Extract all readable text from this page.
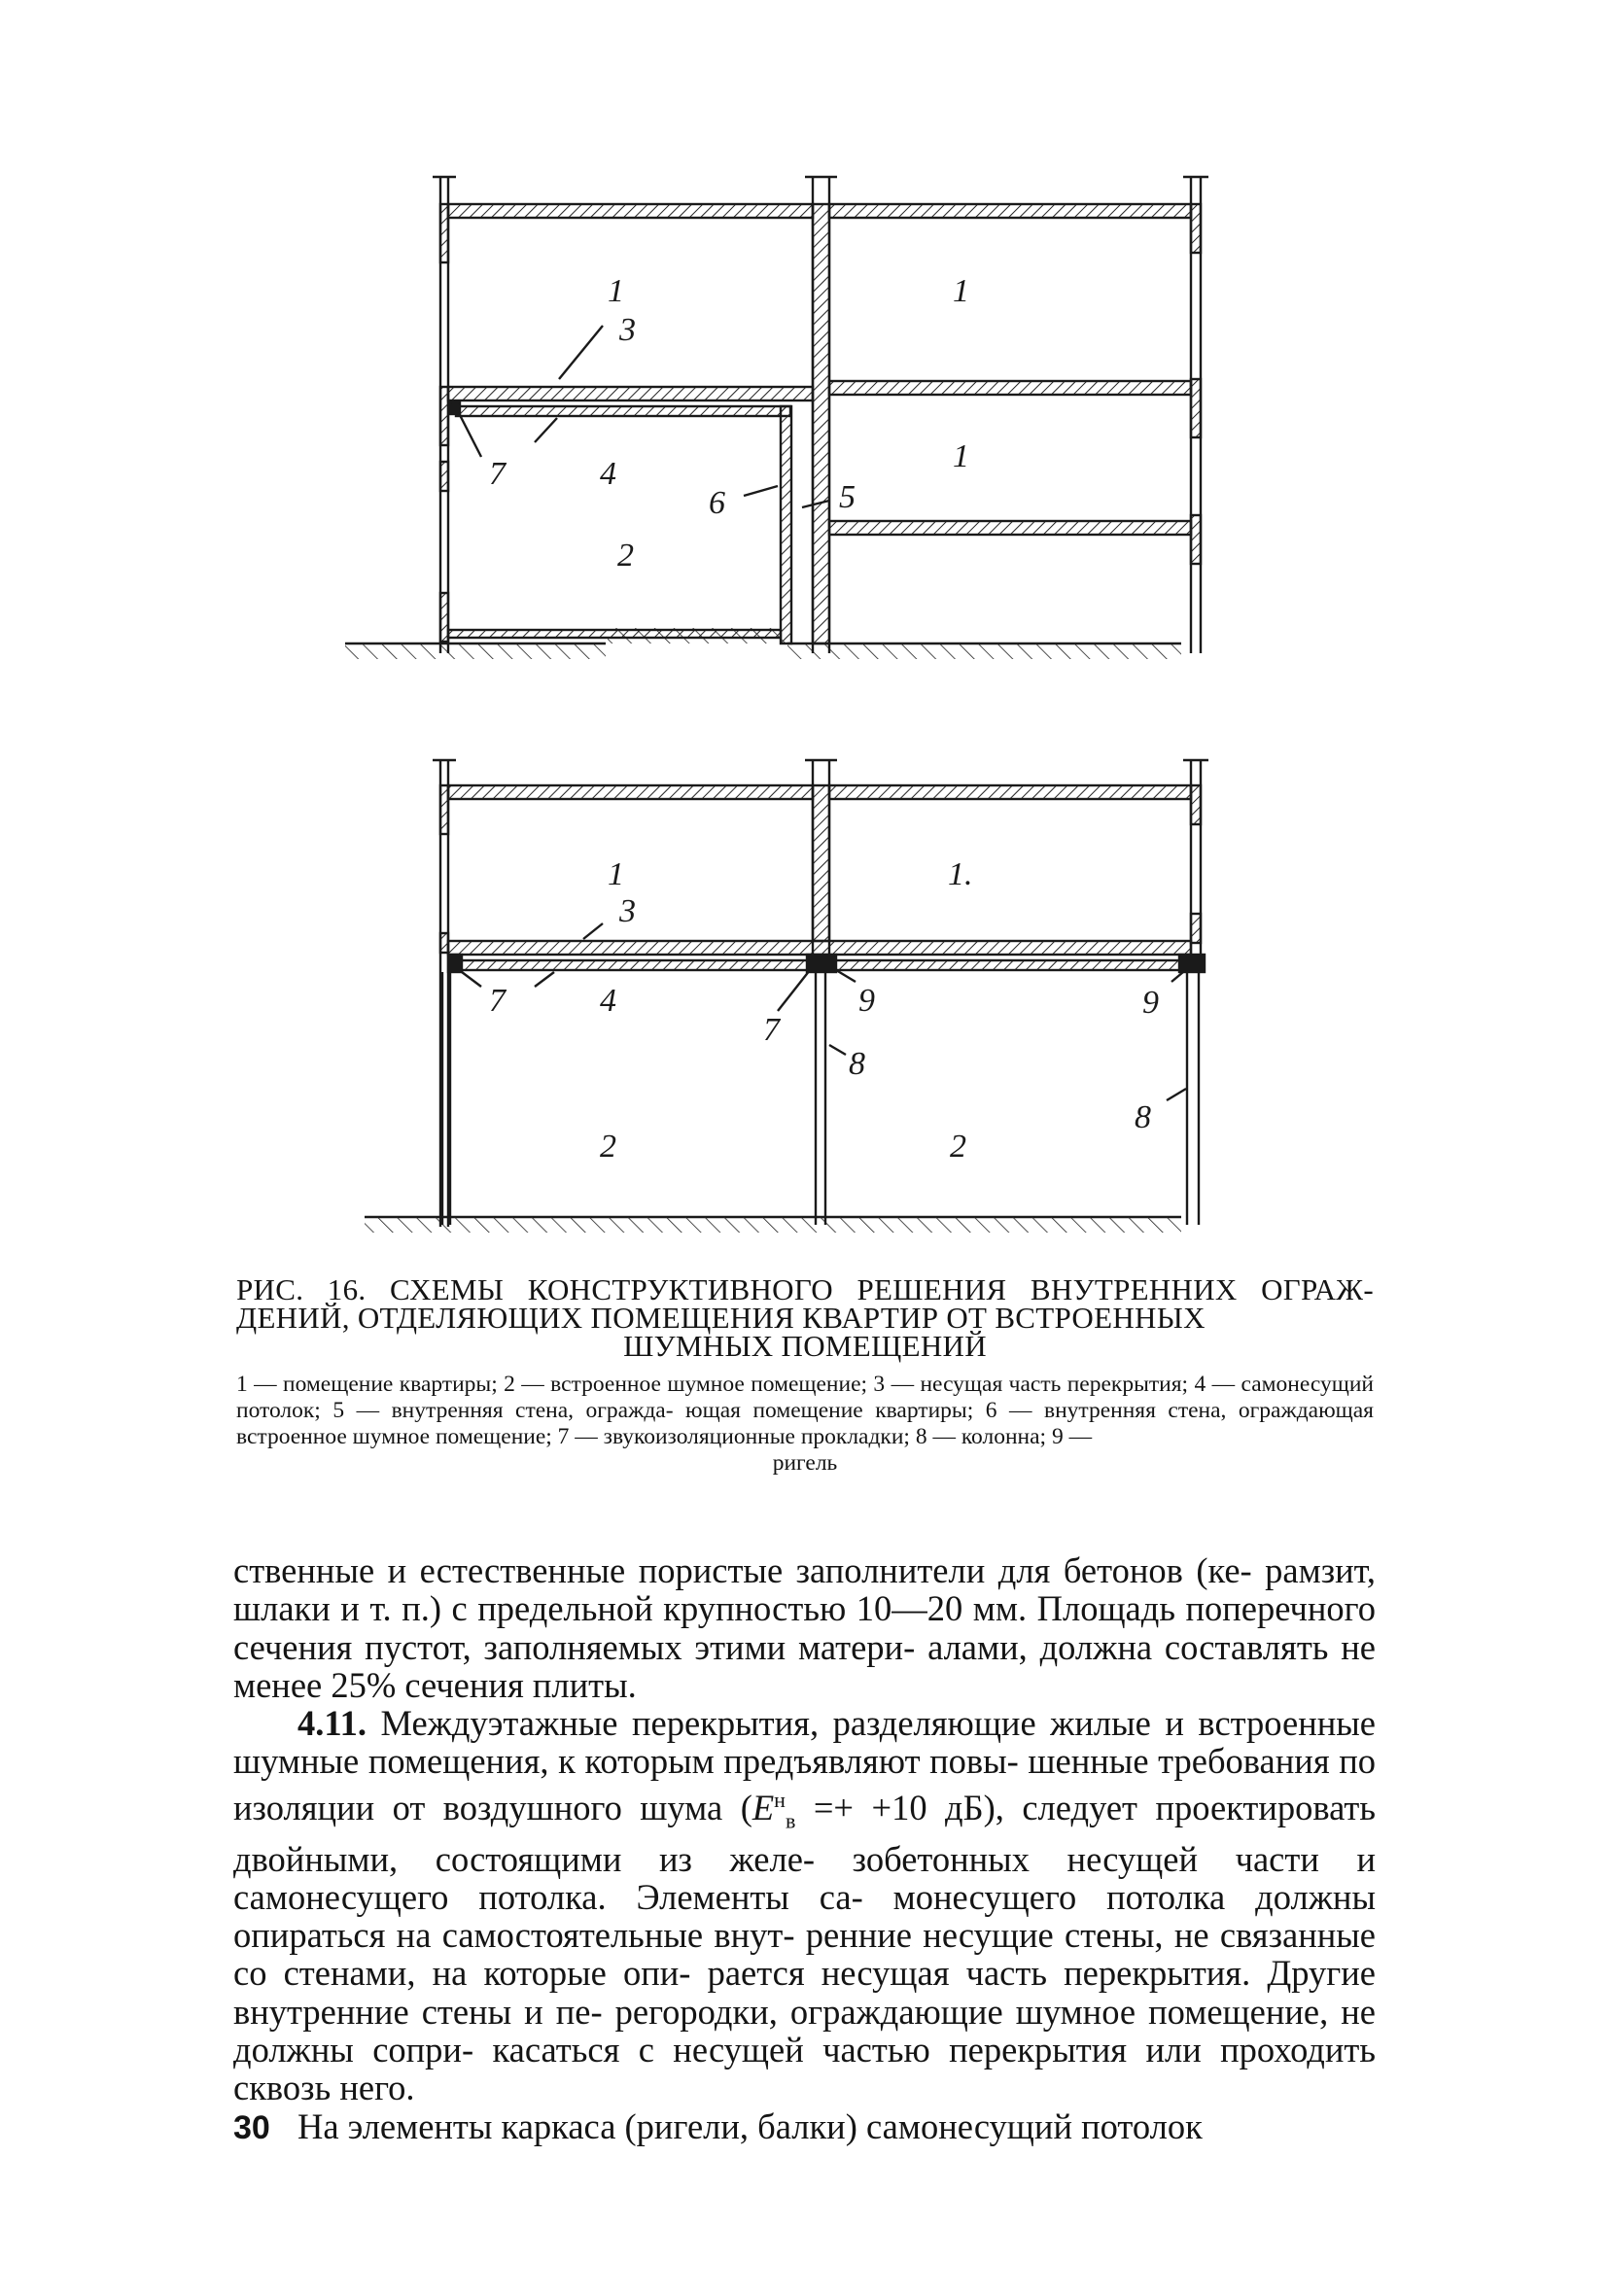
1	1
3
1
7	4
6	5
2
1	1.
3
7	4
7
9	9
8
8
2	2
РИС. 16. СХЕМЫ КОНСТРУКТИВНОГО РЕШЕНИЯ ВНУТРЕННИХ ОГРАЖ- ДЕНИЙ, ОТДЕЛЯЮЩИХ ПОМЕЩЕНИЯ КВАРТИР ОТ ВСТРОЕННЫХ
ШУМНЫХ ПОМЕЩЕНИЙ
1 — помещение квартиры; 2 — встроенное шумное помещение; 3 — несущая часть перекрытия; 4 — самонесущий потолок; 5 — внутренняя стена, огражда- ющая помещение квартиры; 6 — внутренняя стена, ограждающая встроенное шумное помещение; 7 — звукоизоляционные прокладки; 8 — колонна; 9 —
ригель

ственные и естественные пористые заполнители для бетонов (ке- рамзит, шлаки и т. п.) с предельной крупностью 10—20 мм. Площадь поперечного сечения пустот, заполняемых этими матери- алами, должна составлять не менее 25% сечения плиты.

4.11. Междуэтажные перекрытия, разделяющие жилые и встроенные шумные помещения, к которым предъявляют повы- шенные требования по изоляции от воздушного шума ($E^н_в =+ +10$ дБ), следует проектировать двойными, состоящими из желе- зобетонных несущей части и самонесущего потолка. Элементы са- монесущего потолка должны опираться на самостоятельные внут- ренние несущие стены, не связанные со стенами, на которые опи- рается несущая часть перекрытия. Другие внутренние стены и пе- регородки, ограждающие шумное помещение, не должны сопри- касаться с несущей частью перекрытия или проходить сквозь него.

На элементы каркаса (ригели, балки) самонесущий потолок

30
